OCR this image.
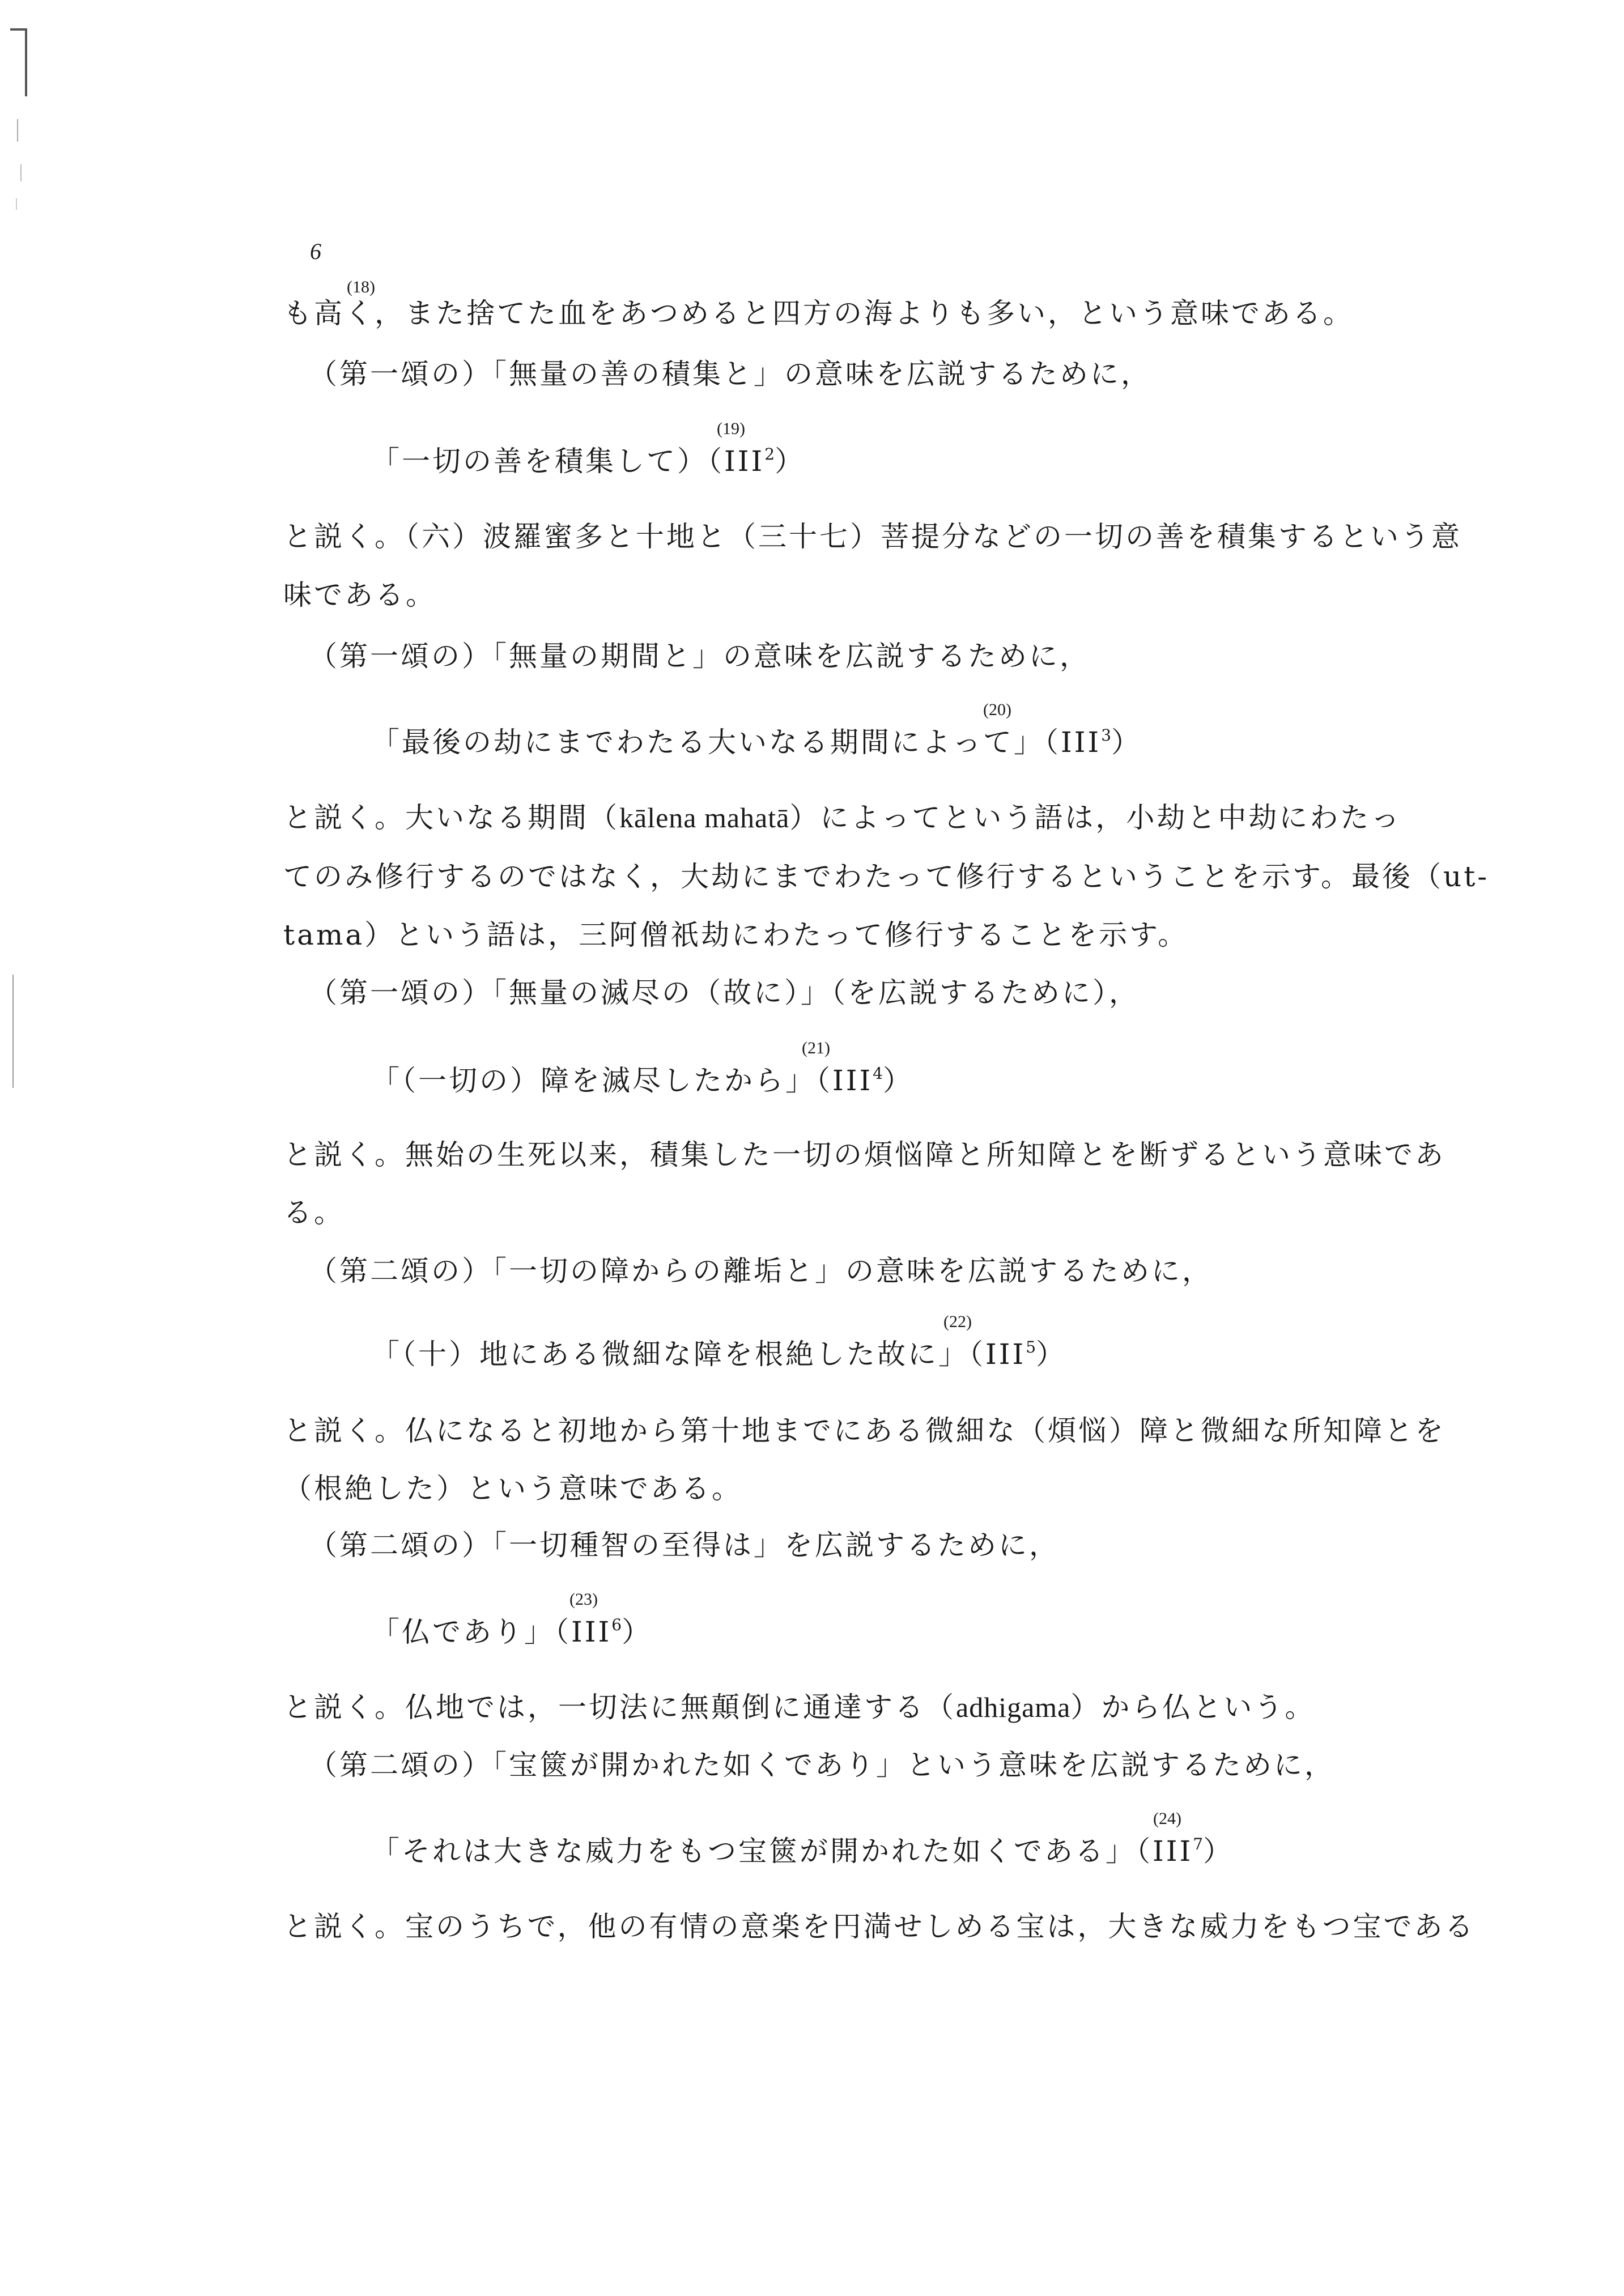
6
(18)
も高く，また捨てた血をあつめると四方の海よりも多い，という意味である。
（第一頌の）「無量の善の積集と」の意味を広説するために，
(19)
「一切の善を積集して）（III$^2$）
と説く。（六）波羅蜜多と十地と（三十七）菩提分などの一切の善を積集するという意
味である。
（第一頌の）「無量の期間と」の意味を広説するために，
(20)
「最後の劫にまでわたる大いなる期間によって」（III$^3$）
と説く。大いなる期間（kālena mahatā）によってという語は，小劫と中劫にわたっ
てのみ修行するのではなく，大劫にまでわたって修行するということを示す。最後（ut-
tama）という語は，三阿僧祇劫にわたって修行することを示す。
（第一頌の）「無量の滅尽の（故に）」（を広説するために），
(21)
「（一切の）障を滅尽したから」（III$^4$）
と説く。無始の生死以来，積集した一切の煩悩障と所知障とを断ずるという意味であ
る。
（第二頌の）「一切の障からの離垢と」の意味を広説するために，
(22)
「（十）地にある微細な障を根絶した故に」（III$^5$）
と説く。仏になると初地から第十地までにある微細な（煩悩）障と微細な所知障とを
（根絶した）という意味である。
（第二頌の）「一切種智の至得は」を広説するために，
(23)
「仏であり」（III$^6$）
と説く。仏地では，一切法に無顛倒に通達する（adhigama）から仏という。
（第二頌の）「宝篋が開かれた如くであり」という意味を広説するために，
(24)
「それは大きな威力をもつ宝篋が開かれた如くである」（III$^7$）
と説く。宝のうちで，他の有情の意楽を円満せしめる宝は，大きな威力をもつ宝である
